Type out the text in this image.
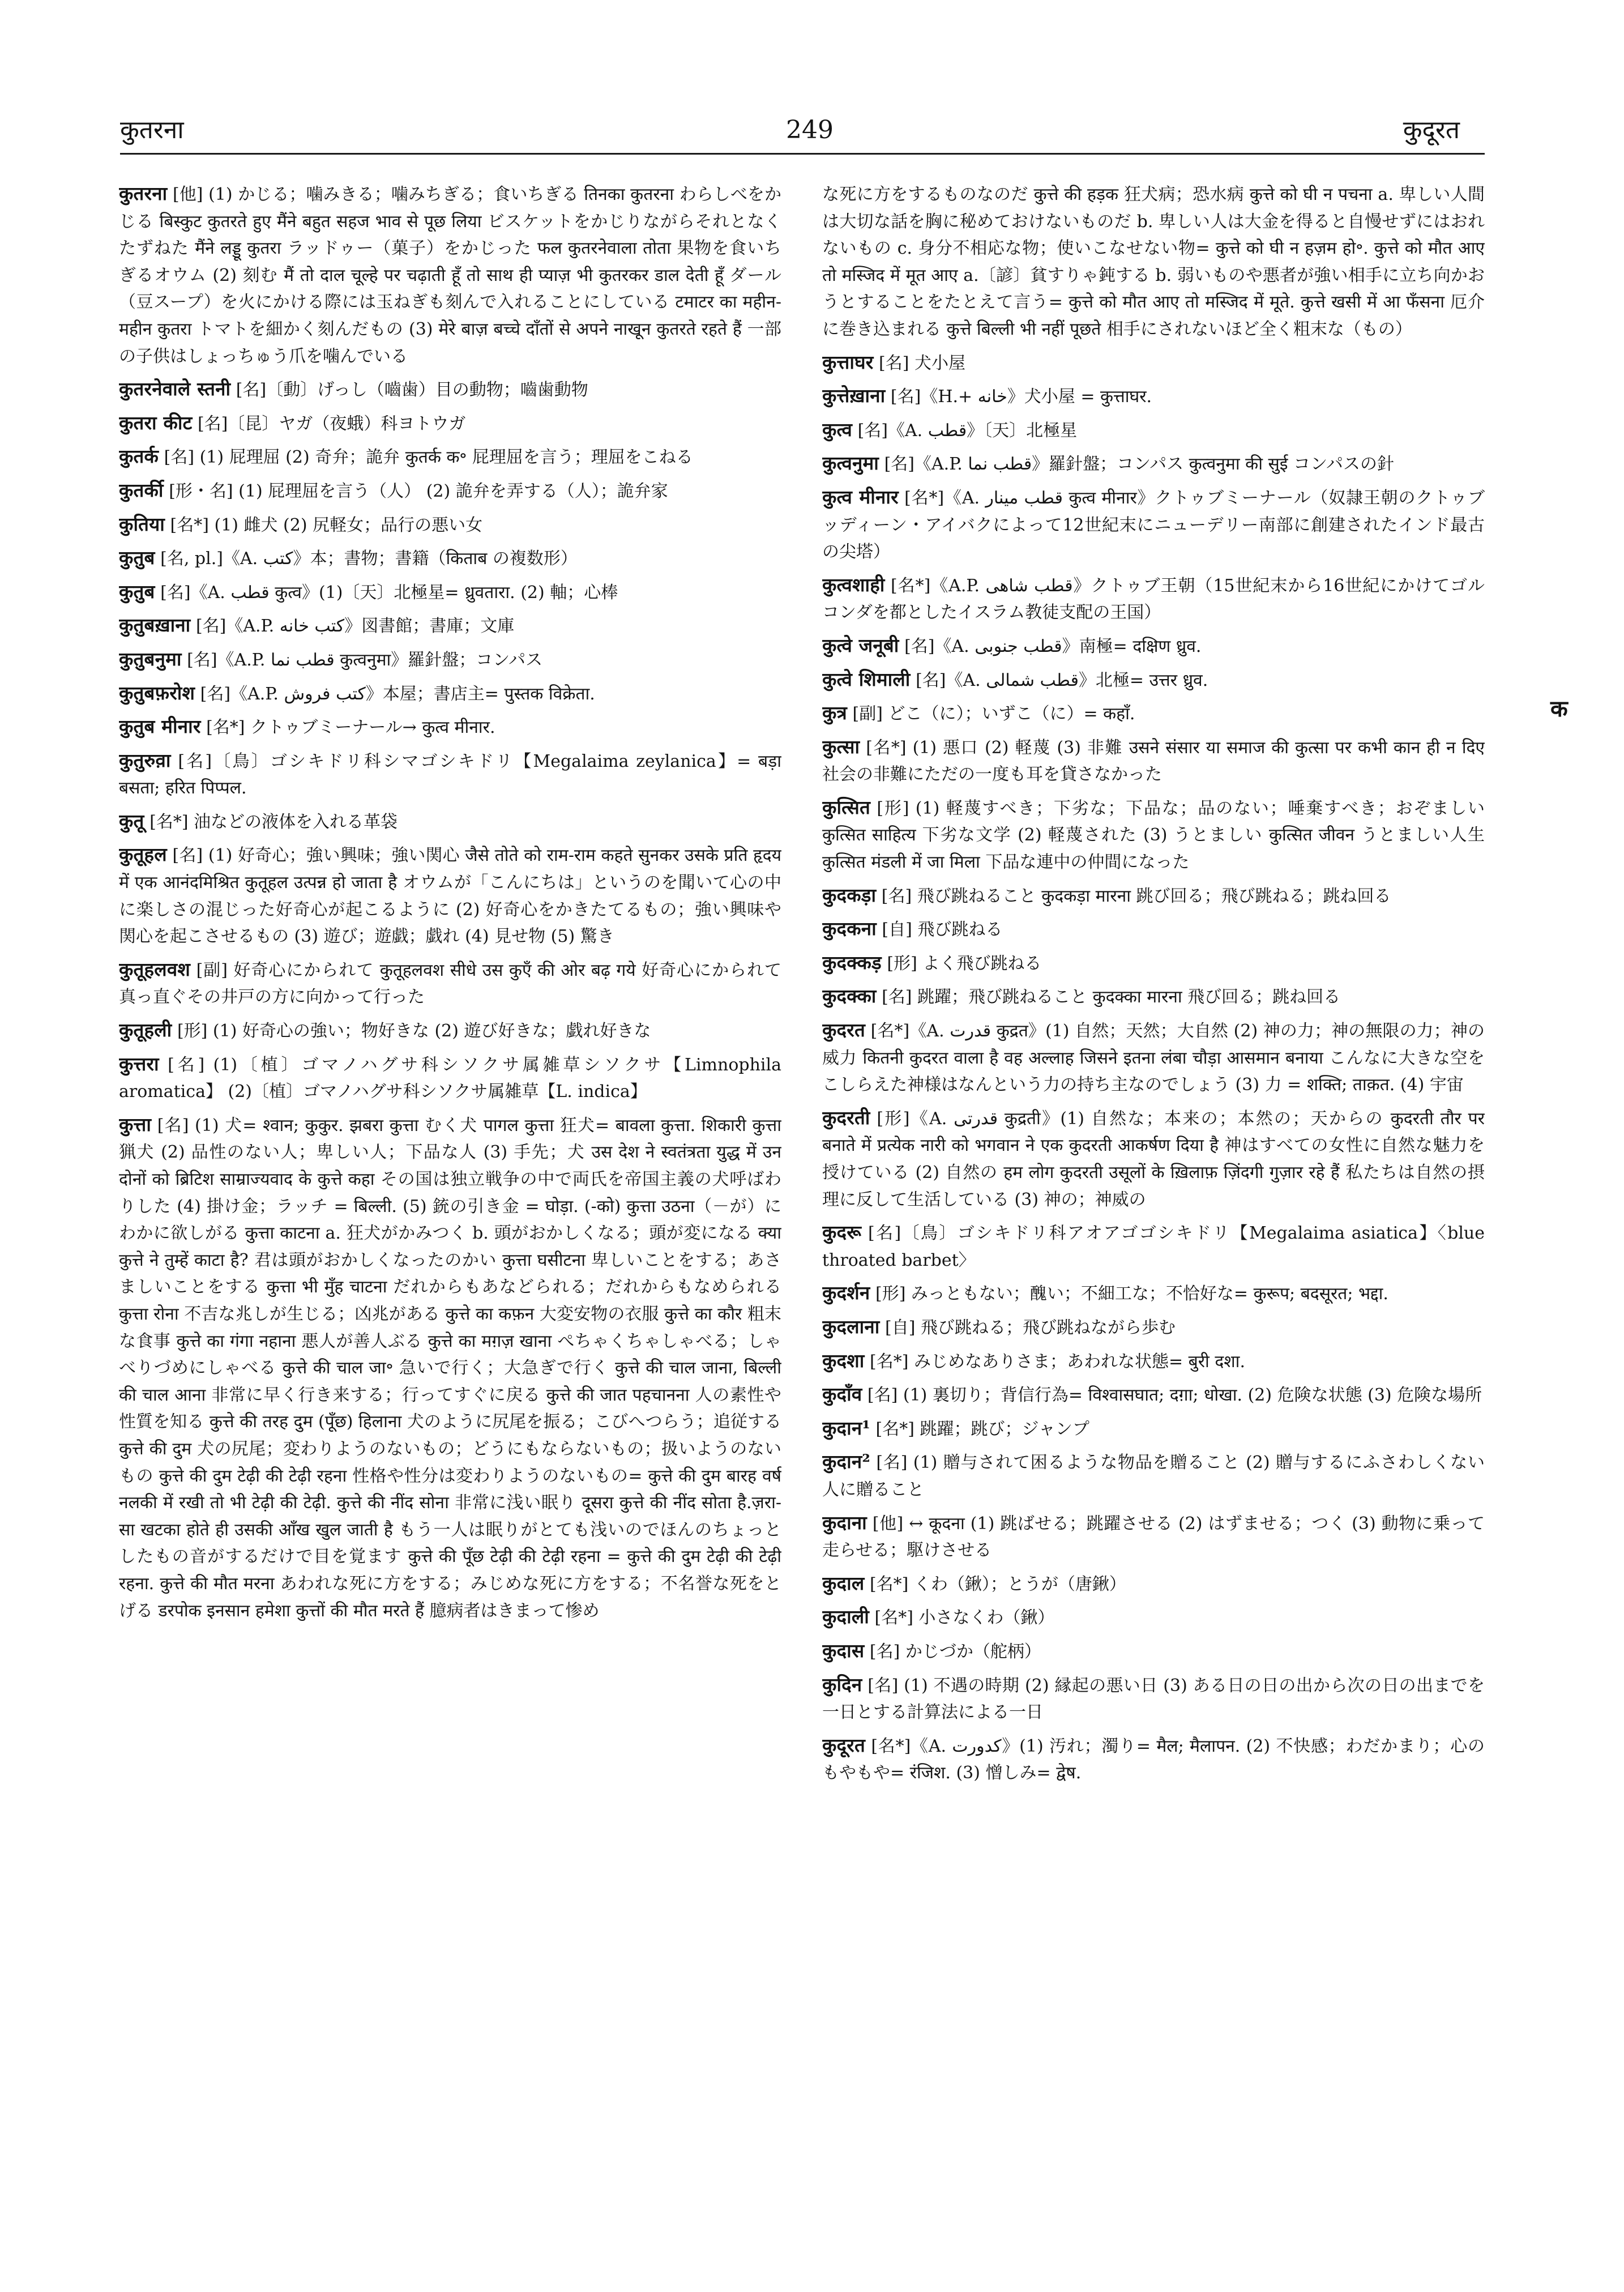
कुतरना	249	कुदूरत
कुतरना [他] (1) かじる；噛みきる；噛みちぎる；食いちぎる तिनका कुतरना わらしべをかじる बिस्कुट कुतरते हुए मैंने बहुत सहज भाव से पूछ लिया ビスケットをかじりながらそれとなくたずねた मैंने लड्डू कुतरा ラッドゥー（菓子）をかじった फल कुतरनेवाला तोता 果物を食いちぎるオウム (2) 刻む मैं तो दाल चूल्हे पर चढ़ाती हूँ तो साथ ही प्याज़ भी कुतरकर डाल देती हूँ ダール（豆スープ）を火にかける際には玉ねぎも刻んで入れることにしている टमाटर का महीन-महीन कुतरा トマトを細かく刻んだもの (3) मेरे बाज़ बच्चे दाँतों से अपने नाखून कुतरते रहते हैं 一部の子供はしょっちゅう爪を噛んでいる
कुतरनेवाले स्तनी [名]〔動〕げっし（嚙歯）目の動物；嚙歯動物
कुतरा कीट [名]〔昆〕ヤガ（夜蛾）科ヨトウガ
कुतर्क [名] (1) 屁理屈 (2) 奇弁；詭弁 कुतर्क क॰ 屁理屈を言う；理屈をこねる
कुतर्की [形・名] (1) 屁理屈を言う（人） (2) 詭弁を弄する（人）；詭弁家
कुतिया [名*] (1) 雌犬 (2) 尻軽女；品行の悪い女
कुतुब [名, pl.]《A. كتب》本；書物；書籍（किताब の複数形）
कुतुब [名]《A. قطب कुत्व》(1)〔天〕北極星= ध्रुवतारा. (2) 軸；心棒
कुतुबख़ाना [名]《A.P. كتب خانه》図書館；書庫；文庫
कुतुबनुमा [名]《A.P. قطب نما कुत्वनुमा》羅針盤；コンパス
कुतुबफ़रोश [名]《A.P. كتب فروش》本屋；書店主= पुस्तक विक्रेता.
कुतुब मीनार [名*] クトゥブミーナール→ कुत्व मीनार.
कुतुरुव़ा [名]〔鳥〕ゴシキドリ科シマゴシキドリ【Megalaima zeylanica】= बड़ा बसता; हरित पिप्पल.
कुतू [名*] 油などの液体を入れる革袋
कुतूहल [名] (1) 好奇心；強い興味；強い関心 जैसे तोते को राम-राम कहते सुनकर उसके प्रति हृदय में एक आनंदमिश्रित कुतूहल उत्पन्न हो जाता है オウムが「こんにちは」というのを聞いて心の中に楽しさの混じった好奇心が起こるように (2) 好奇心をかきたてるもの；強い興味や関心を起こさせるもの (3) 遊び；遊戯；戯れ (4) 見せ物 (5) 驚き
कुतूहलवश [副] 好奇心にかられて कुतूहलवश सीधे उस कुएँ की ओर बढ़ गये 好奇心にかられて真っ直ぐその井戸の方に向かって行った
कुतूहली [形] (1) 好奇心の強い；物好きな (2) 遊び好きな；戯れ好きな
कुत्तरा [名] (1)〔植〕ゴマノハグサ科シソクサ属雑草シソクサ【Limnophila aromatica】 (2)〔植〕ゴマノハグサ科シソクサ属雑草【L. indica】
कुत्ता [名] (1) 犬= श्वान; कुकुर. झबरा कुत्ता むく犬 पागल कुत्ता 狂犬= बावला कुत्ता. शिकारी कुत्ता 猟犬 (2) 品性のない人；卑しい人；下品な人 (3) 手先；犬 उस देश ने स्वतंत्रता युद्ध में उन दोनों को ब्रिटिश साम्राज्यवाद के कुत्ते कहा その国は独立戦争の中で両氏を帝国主義の犬呼ばわりした (4) 掛け金；ラッチ = बिल्ली. (5) 銃の引き金 = घोड़ा. (-को) कुत्ता उठना（－が）にわかに欲しがる कुत्ता काटना a. 狂犬がかみつく b. 頭がおかしくなる；頭が変になる क्या कुत्ते ने तुम्हें काटा है? 君は頭がおかしくなったのかい कुत्ता घसीटना 卑しいことをする；あさましいことをする कुत्ता भी मुँह चाटना だれからもあなどられる；だれからもなめられる कुत्ता रोना 不吉な兆しが生じる；凶兆がある कुत्ते का कफ़न 大変安物の衣服 कुत्ते का कौर 粗末な食事 कुत्ते का गंगा नहाना 悪人が善人ぶる कुत्ते का मग़ज़ खाना ぺちゃくちゃしゃべる；しゃべりづめにしゃべる कुत्ते की चाल जा॰ 急いで行く；大急ぎで行く कुत्ते की चाल जाना, बिल्ली की चाल आना 非常に早く行き来する；行ってすぐに戻る कुत्ते की जात पहचानना 人の素性や性質を知る कुत्ते की तरह दुम (पूँछ) हिलाना 犬のように尻尾を振る；こびへつらう；追従する कुत्ते की दुम 犬の尻尾；変わりようのないもの；どうにもならないもの；扱いようのないもの कुत्ते की दुम टेढ़ी की टेढ़ी रहना 性格や性分は変わりようのないもの= कुत्ते की दुम बारह वर्ष नलकी में रखी तो भी टेढ़ी की टेढ़ी. कुत्ते की नींद सोना 非常に浅い眠り दूसरा कुत्ते की नींद सोता है.ज़रा-सा खटका होते ही उसकी आँख खुल जाती है もう一人は眠りがとても浅いのでほんのちょっとしたもの音がするだけで目を覚ます कुत्ते की पूँछ टेढ़ी की टेढ़ी रहना = कुत्ते की दुम टेढ़ी की टेढ़ी रहना. कुत्ते की मौत मरना あわれな死に方をする；みじめな死に方をする；不名誉な死をとげる डरपोक इनसान हमेशा कुत्तों की मौत मरते हैं 臆病者はきまって惨め
な死に方をするものなのだ कुत्ते की हड़क 狂犬病；恐水病 कुत्ते को घी न पचना a. 卑しい人間は大切な話を胸に秘めておけないものだ b. 卑しい人は大金を得ると自慢せずにはおれないもの c. 身分不相応な物；使いこなせない物= कुत्ते को घी न हज़म हो॰. कुत्ते को मौत आए तो मस्जिद में मूत आए a.〔諺〕貧すりゃ鈍する b. 弱いものや悪者が強い相手に立ち向かおうとすることをたとえて言う= कुत्ते को मौत आए तो मस्जिद में मूते. कुत्ते खसी में आ फँसना 厄介に巻き込まれる कुत्ते बिल्ली भी नहीं पूछते 相手にされないほど全く粗末な（もの）
कुत्ताघर [名] 犬小屋
कुत्तेख़ाना [名]《H.+ خانه》犬小屋 = कुत्ताघर.
कुत्व [名]《A. قطب》〔天〕北極星
कुत्वनुमा [名]《A.P. قطب نما》羅針盤；コンパス कुत्वनुमा की सुई コンパスの針
कुत्व मीनार [名*]《A. قطب مينار कुत्व मीनार》クトゥブミーナール（奴隷王朝のクトゥブッディーン・アイバクによって12世紀末にニューデリー南部に創建されたインド最古の尖塔）
कुत्वशाही [名*]《A.P. قطب شاهی》クトゥブ王朝（15世紀末から16世紀にかけてゴルコンダを都としたイスラム教徒支配の王国）
कुत्वे जनूबी [名]《A. قطب جنوبی》南極= दक्षिण ध्रुव.
कुत्वे शिमाली [名]《A. قطب شمالی》北極= उत्तर ध्रुव.
कुत्र [副] どこ（に）；いずこ（に）= कहाँ.
कुत्सा [名*] (1) 悪口 (2) 軽蔑 (3) 非難 उसने संसार या समाज की कुत्सा पर कभी कान ही न दिए 社会の非難にただの一度も耳を貸さなかった
कुत्सित [形] (1) 軽蔑すべき；下劣な；下品な；品のない；唾棄すべき；おぞましい कुत्सित साहित्य 下劣な文学 (2) 軽蔑された (3) うとましい कुत्सित जीवन うとましい人生 कुत्सित मंडली में जा मिला 下品な連中の仲間になった
कुदकड़ा [名] 飛び跳ねること कुदकड़ा मारना 跳び回る；飛び跳ねる；跳ね回る
कुदकना [自] 飛び跳ねる
कुदक्कड़ [形] よく飛び跳ねる
कुदक्का [名] 跳躍；飛び跳ねること कुदक्का मारना 飛び回る；跳ね回る
कुदरत [名*]《A. قدرت कुद्रत》(1) 自然；天然；大自然 (2) 神の力；神の無限の力；神の威力 कितनी कुदरत वाला है वह अल्लाह जिसने इतना लंबा चौड़ा आसमान बनाया こんなに大きな空をこしらえた神様はなんという力の持ち主なのでしょう (3) 力 = शक्ति; ताक़त. (4) 宇宙
कुदरती [形]《A. قدرتی कुद्रती》(1) 自然な；本来の；本然の；天からの कुदरती तौर पर बनाते में प्रत्येक नारी को भगवान ने एक कुदरती आकर्षण दिया है 神はすべての女性に自然な魅力を授けている (2) 自然の हम लोग कुदरती उसूलों के ख़िलाफ़ ज़िंदगी गुज़ार रहे हैं 私たちは自然の摂理に反して生活している (3) 神の；神威の
कुदरू [名]〔鳥〕ゴシキドリ科アオアゴゴシキドリ【Megalaima asiatica】〈blue throated barbet〉
कुदर्शन [形] みっともない；醜い；不細工な；不恰好な= कुरूप; बदसूरत; भद्दा.
कुदलाना [自] 飛び跳ねる；飛び跳ねながら歩む
कुदशा [名*] みじめなありさま；あわれな状態= बुरी दशा.
कुदाँव [名] (1) 裏切り；背信行為= विश्वासघात; दग़ा; धोखा. (2) 危険な状態 (3) 危険な場所
कुदान¹ [名*] 跳躍；跳び；ジャンプ
कुदान² [名] (1) 贈与されて困るような物品を贈ること (2) 贈与するにふさわしくない人に贈ること
कुदाना [他] ↔ कूदना (1) 跳ばせる；跳躍させる (2) はずませる；つく (3) 動物に乗って走らせる；駆けさせる
कुदाल [名*] くわ（鍬）；とうが（唐鍬）
कुदाली [名*] 小さなくわ（鍬）
कुदास [名] かじづか（舵柄）
कुदिन [名] (1) 不遇の時期 (2) 縁起の悪い日 (3) ある日の日の出から次の日の出までを一日とする計算法による一日
कुदूरत [名*]《A. كدورت》(1) 汚れ；濁り= मैल; मैलापन. (2) 不快感；わだかまり；心のもやもや= रंजिश. (3) 憎しみ= द्वेष.
क
